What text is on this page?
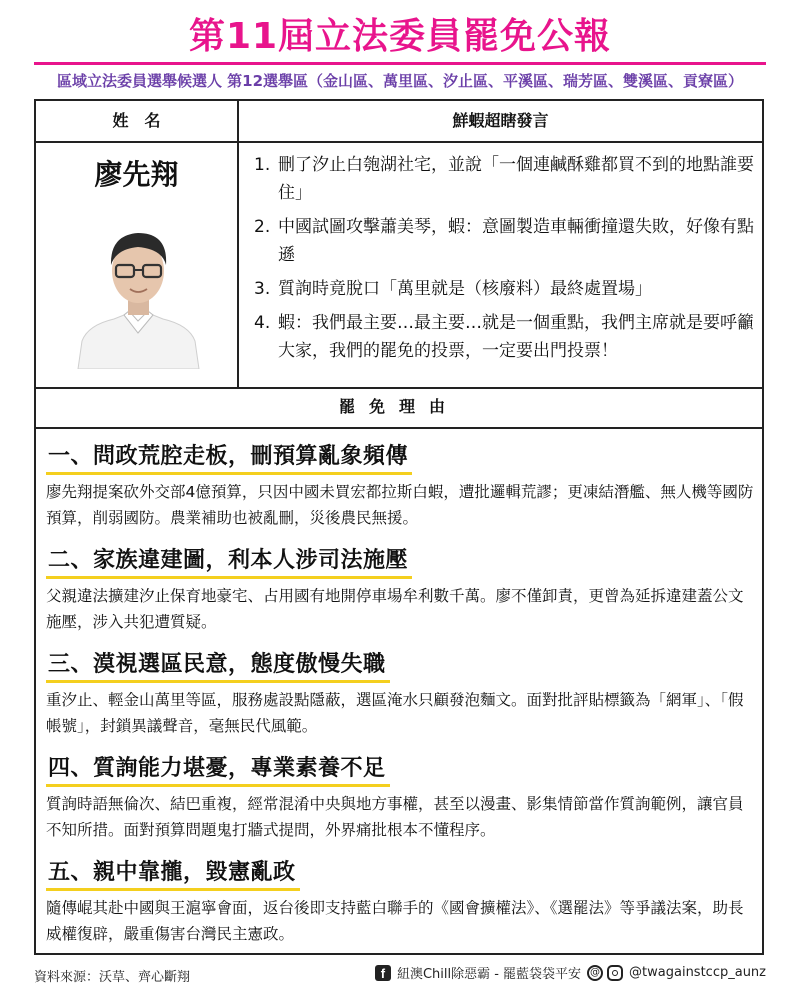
第11屆立法委員罷免公報
區域立法委員選舉候選人 第12選舉區（金山區、萬里區、汐止區、平溪區、瑞芳區、雙溪區、貢寮區）
姓　名	鮮蝦超瞎發言
廖先翔	1. 刪了汐止白匏湖社宅，並說「一個連鹹酥雞都買不到的地點誰要住」
2. 中國試圖攻擊蕭美琴，蝦：意圖製造車輛衝撞還失敗，好像有點遜
3. 質詢時竟脫口「萬里就是（核廢料）最終處置場」
4. 蝦：我們最主要…最主要…就是一個重點，我們主席就是要呼籲大家，我們的罷免的投票，一定要出門投票！
罷免理由
一、問政荒腔走板，刪預算亂象頻傳
廖先翔提案砍外交部4億預算，只因中國未買宏都拉斯白蝦，遭批邏輯荒謬；更凍結潛艦、無人機等國防預算，削弱國防。農業補助也被亂刪，災後農民無援。
二、家族違建圖，利本人涉司法施壓
父親違法擴建汐止保育地豪宅、占用國有地開停車場牟利數千萬。廖不僅卸責，更曾為延拆違建蓋公文施壓，涉入共犯遭質疑。
三、漠視選區民意，態度傲慢失職
重汐止、輕金山萬里等區，服務處設點隱蔽，選區淹水只顧發泡麵文。面對批評貼標籤為「網軍」、「假帳號」，封鎖異議聲音，毫無民代風範。
四、質詢能力堪憂，專業素養不足
質詢時語無倫次、結巴重複，經常混淆中央與地方事權，甚至以漫畫、影集情節當作質詢範例，讓官員不知所措。面對預算問題鬼打牆式提問，外界痛批根本不懂程序。
五、親中靠攏，毀憲亂政
隨傳崐其赴中國與王滬寧會面，返台後即支持藍白聯手的《國會擴權法》、《選罷法》等爭議法案，助長威權復辟，嚴重傷害台灣民主憲政。
資料來源：沃草、齊心斷翔	f 紐澳Chill除惡霸 - 罷藍袋袋平安 @ @twagainstccp_aunz
